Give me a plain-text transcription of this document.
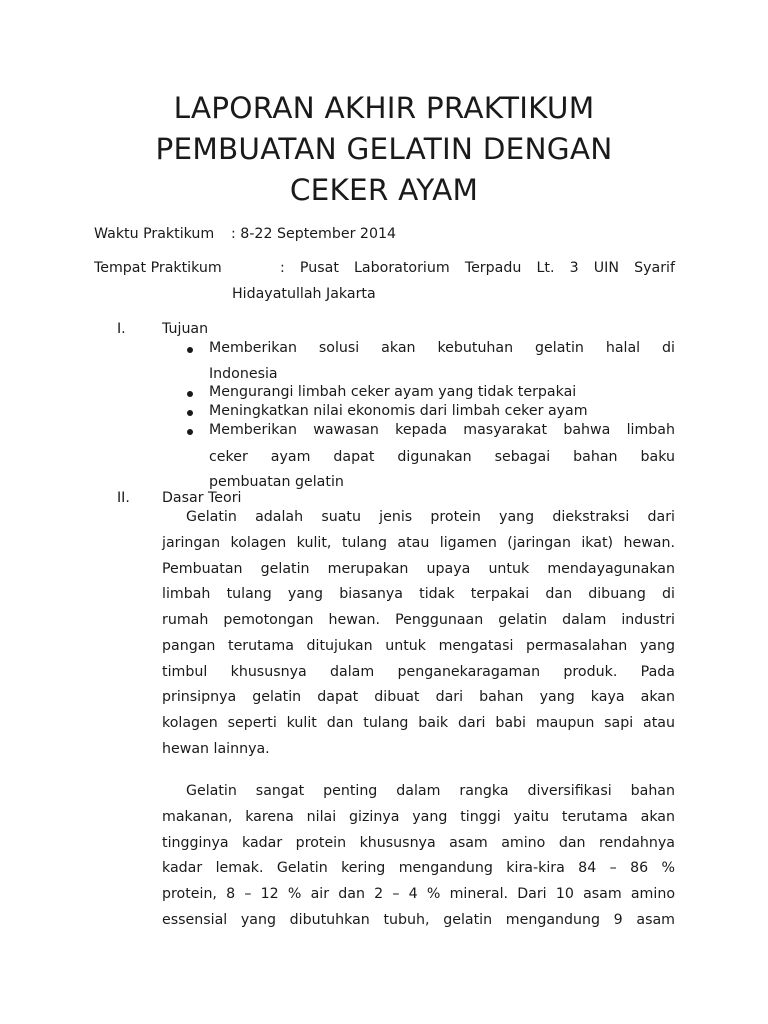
LAPORAN AKHIR PRAKTIKUM
PEMBUATAN GELATIN DENGAN
CEKER AYAM
Waktu Praktikum : 8-22 September 2014
Tempat Praktikum	: Pusat Laboratorium Terpadu Lt. 3 UIN Syarif
Hidayatullah Jakarta
I.	Tujuan
Memberikan solusi akan kebutuhan gelatin halal di
Indonesia
Mengurangi limbah ceker ayam yang tidak terpakai
Meningkatkan nilai ekonomis dari limbah ceker ayam
Memberikan wawasan kepada masyarakat bahwa limbah
ceker ayam dapat digunakan sebagai bahan baku
pembuatan gelatin
II. Dasar Teori
Gelatin adalah suatu jenis protein yang diekstraksi dari
jaringan kolagen kulit, tulang atau ligamen (jaringan ikat) hewan.
Pembuatan gelatin merupakan upaya untuk mendayagunakan
limbah tulang yang biasanya tidak terpakai dan dibuang di
rumah pemotongan hewan. Penggunaan gelatin dalam industri
pangan terutama ditujukan untuk mengatasi permasalahan yang
timbul khususnya dalam penganekaragaman produk. Pada
prinsipnya gelatin dapat dibuat dari bahan yang kaya akan
kolagen seperti kulit dan tulang baik dari babi maupun sapi atau
hewan lainnya.
Gelatin sangat penting dalam rangka diversifikasi bahan
makanan, karena nilai gizinya yang tinggi yaitu terutama akan
tingginya kadar protein khususnya asam amino dan rendahnya
kadar lemak. Gelatin kering mengandung kira-kira 84 – 86 %
protein, 8 – 12 % air dan 2 – 4 % mineral. Dari 10 asam amino
essensial yang dibutuhkan tubuh, gelatin mengandung 9 asam
